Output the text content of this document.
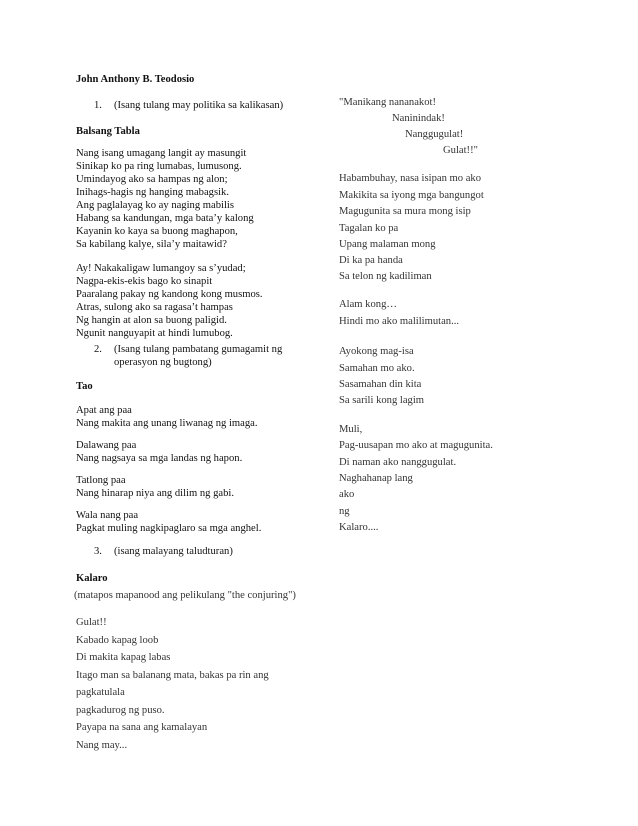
John Anthony B. Teodosio
1. (Isang tulang may politika sa kalikasan)
Balsang Tabla
Nang isang umagang langit ay masungit
Sinikap ko pa ring lumabas, lumusong.
Umindayog ako sa hampas ng alon;
Inihags-hagis ng hanging mabagsik.
Ang paglalayag ko ay naging mabilis
Habang sa kandungan, mga bata’y kalong
Kayanin ko kaya sa buong maghapon,
Sa kabilang kalye, sila’y maitawid?
Ay! Nakakaligaw lumangoy sa s’yudad;
Nagpa-ekis-ekis bago ko sinapit
Paaralang pakay ng kandong kong musmos.
Atras, sulong ako sa ragasa’t hampas
Ng hangin at alon sa buong paligid.
Ngunit nanguyapit at hindi lumubog.
2. (Isang tulang pambatang gumagamit ng
operasyon ng bugtong)
Tao
Apat ang paa
Nang makita ang unang liwanag ng imaga.
Dalawang paa
Nang nagsaya sa mga landas ng hapon.
Tatlong paa
Nang hinarap niya ang dilim ng gabi.
Wala nang paa
Pagkat muling nagkipaglaro sa mga anghel.
3. (isang malayang taludturan)
Kalaro
(matapos mapanood ang pelikulang "the conjuring")
Gulat!!
Kabado kapag loob
Di makita kapag labas
Itago man sa balanang mata, bakas pa rin ang
pagkatulala
pagkadurog ng puso.
Payapa na sana ang kamalayan
Nang may...
"Manikang nananakot!
Naninindak!
Nanggugulat!
Gulat!!"
Habambuhay, nasa isipan mo ako
Makikita sa iyong mga bangungot
Magugunita sa mura mong isip
Tagalan ko pa
Upang malaman mong
Di ka pa handa
Sa telon ng kadiliman
Alam kong…
Hindi mo ako malilimutan...
Ayokong mag-isa
Samahan mo ako.
Sasamahan din kita
Sa sarili kong lagim
Muli,
Pag-uusapan mo ako at magugunita.
Di naman ako nanggugulat.
Naghahanap lang
ako
ng
Kalaro....
